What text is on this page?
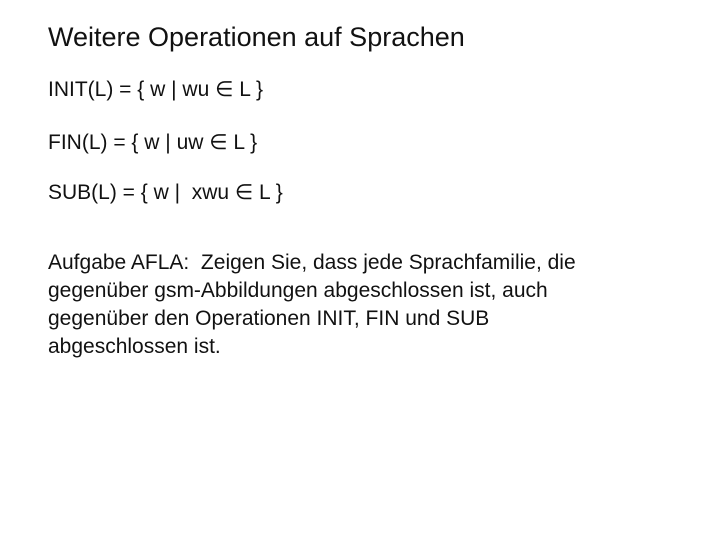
Weitere Operationen auf Sprachen
INIT(L) = { w | wu ∈ L }
FIN(L) = { w | uw ∈ L }
SUB(L) = { w |  xwu ∈ L }
Aufgabe AFLA:  Zeigen Sie, dass jede Sprachfamilie, die
gegenüber gsm-Abbildungen abgeschlossen ist, auch
gegenüber den Operationen INIT, FIN und SUB
abgeschlossen ist.
